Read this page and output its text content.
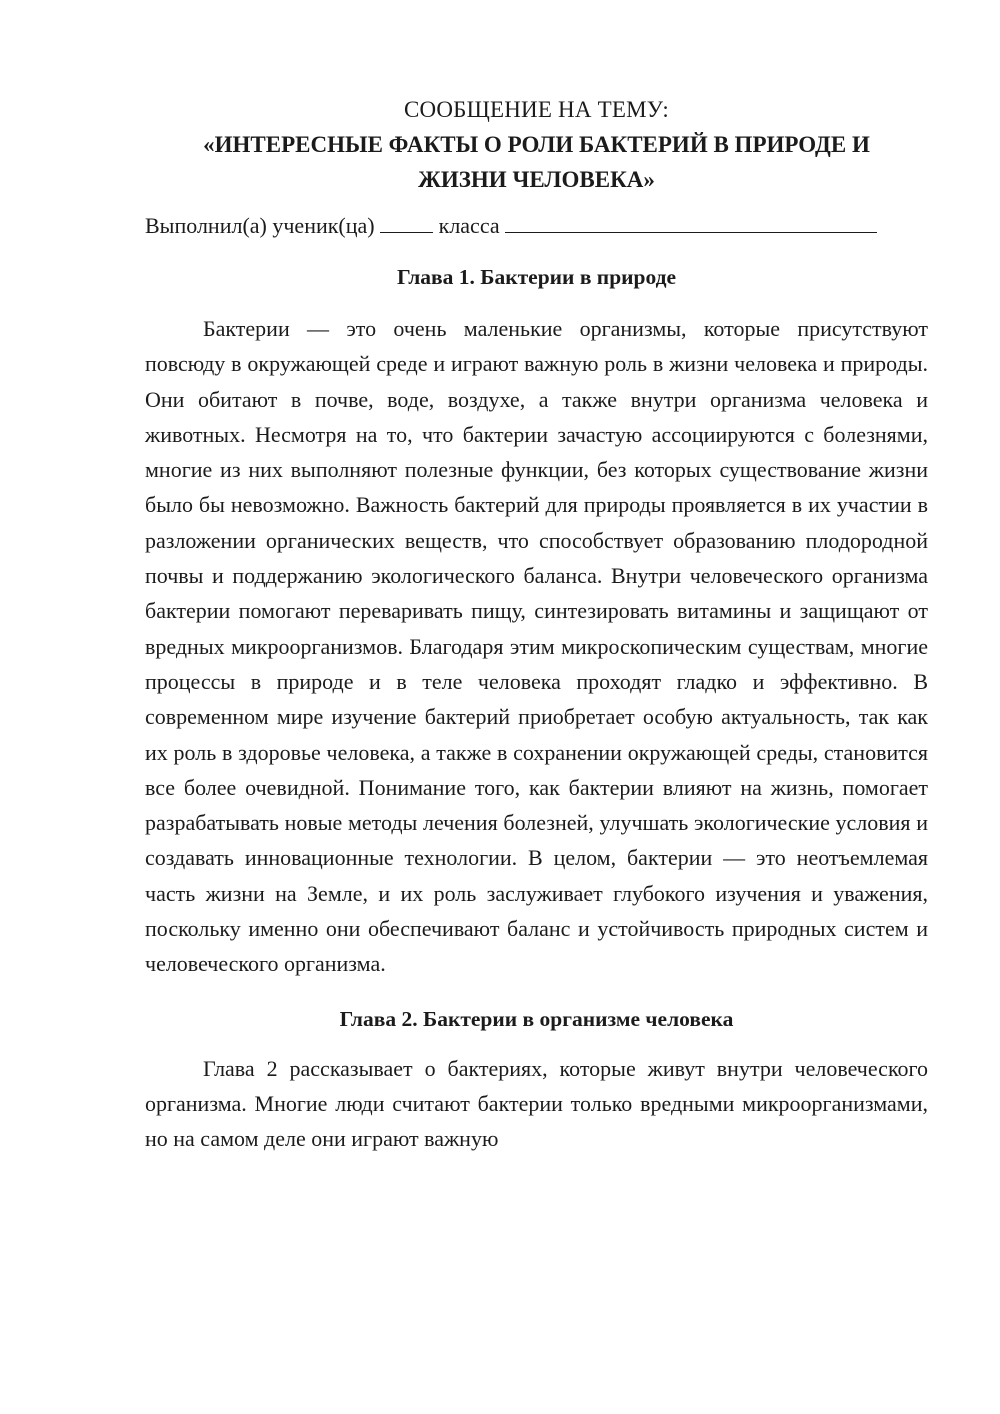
СООБЩЕНИЕ НА ТЕМУ:

«ИНТЕРЕСНЫЕ ФАКТЫ О РОЛИ БАКТЕРИЙ В ПРИРОДЕ И

ЖИЗНИ ЧЕЛОВЕКА»

Выполнил(а) ученик(ца)  класса

Глава 1. Бактерии в природе

Бактерии — это очень маленькие организмы, которые присутствуют повсюду в окружающей среде и играют важную роль в жизни человека и природы. Они обитают в почве, воде, воздухе, а также внутри организма человека и животных. Несмотря на то, что бактерии зачастую ассоциируются с болезнями, многие из них выполняют полезные функции, без которых существование жизни было бы невозможно. Важность бактерий для природы проявляется в их участии в разложении органических веществ, что способствует образованию плодородной почвы и поддержанию экологического баланса. Внутри человеческого организма бактерии помогают переваривать пищу, синтезировать витамины и защищают от вредных микроорганизмов. Благодаря этим микроскопическим существам, многие процессы в природе и в теле человека проходят гладко и эффективно. В современном мире изучение бактерий приобретает особую актуальность, так как их роль в здоровье человека, а также в сохранении окружающей среды, становится все более очевидной. Понимание того, как бактерии влияют на жизнь, помогает разрабатывать новые методы лечения болезней, улучшать экологические условия и создавать инновационные технологии. В целом, бактерии — это неотъемлемая часть жизни на Земле, и их роль заслуживает глубокого изучения и уважения, поскольку именно они обеспечивают баланс и устойчивость природных систем и человеческого организма.

Глава 2. Бактерии в организме человека

Глава 2 рассказывает о бактериях, которые живут внутри человеческого организма. Многие люди считают бактерии только вредными микроорганизмами, но на самом деле они играют важную
